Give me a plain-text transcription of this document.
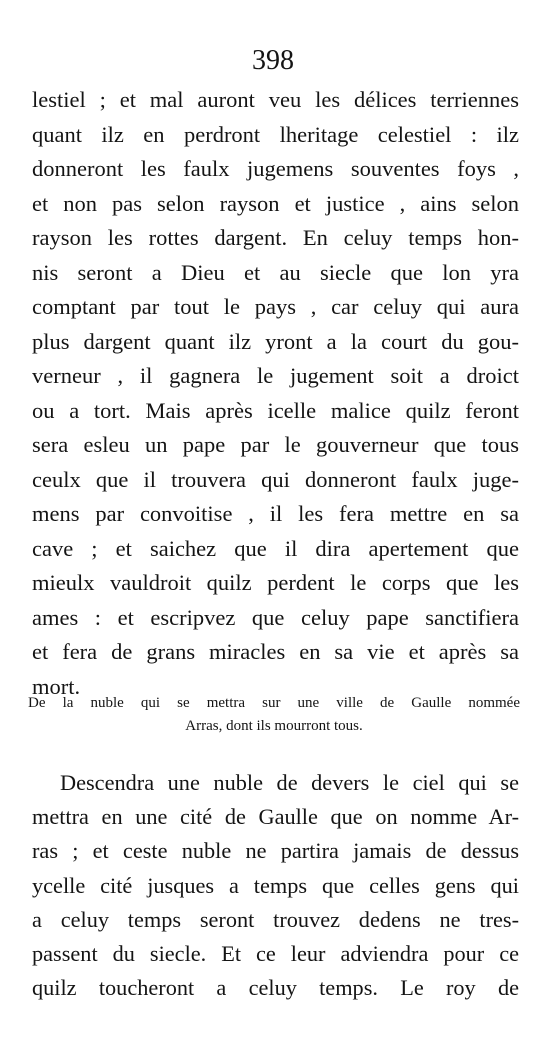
398
lestiel ; et mal auront veu les délices terriennes
quant ilz en perdront lheritage celestiel : ilz
donneront les faulx jugemens souventes foys ,
et non pas selon rayson et justice , ains selon
rayson les rottes dargent. En celuy temps hon-
nis seront a Dieu et au siecle que lon yra
comptant par tout le pays , car celuy qui aura
plus dargent quant ilz yront a la court du gou-
verneur , il gagnera le jugement soit a droict
ou a tort. Mais après icelle malice quilz feront
sera esleu un pape par le gouverneur que tous
ceulx que il trouvera qui donneront faulx juge-
mens par convoitise , il les fera mettre en sa
cave ; et saichez que il dira apertement que
mieulx vauldroit quilz perdent le corps que les
ames : et escripvez que celuy pape sanctifiera
et fera de grans miracles en sa vie et après sa
mort.
De la nuble qui se mettra sur une ville de Gaulle nommée
Arras, dont ils mourront tous.
Descendra une nuble de devers le ciel qui se
mettra en une cité de Gaulle que on nomme Ar-
ras ; et ceste nuble ne partira jamais de dessus
ycelle cité jusques a temps que celles gens qui
a celuy temps seront trouvez dedens ne tres-
passent du siecle. Et ce leur adviendra pour ce
quilz toucheront a celuy temps. Le roy de
